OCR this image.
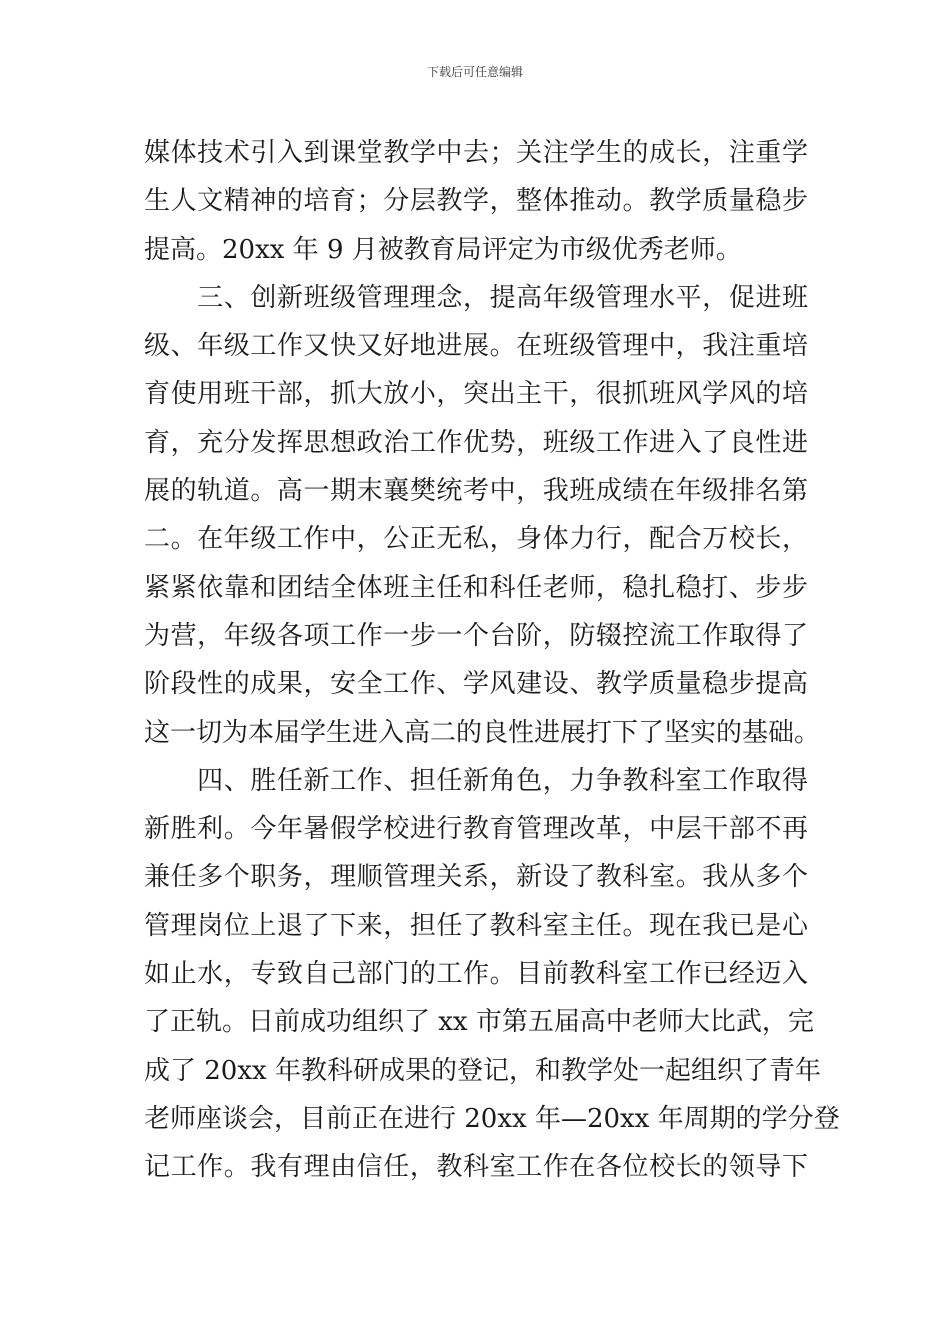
下载后可任意编辑
媒体技术引入到课堂教学中去；关注学生的成长，注重学
生人文精神的培育；分层教学，整体推动。教学质量稳步
提高。20xx 年 9 月被教育局评定为市级优秀老师。
　　三、创新班级管理理念，提高年级管理水平，促进班
级、年级工作又快又好地进展。在班级管理中，我注重培
育使用班干部，抓大放小，突出主干，很抓班风学风的培
育，充分发挥思想政治工作优势，班级工作进入了良性进
展的轨道。高一期末襄樊统考中，我班成绩在年级排名第
二。在年级工作中，公正无私，身体力行，配合万校长，
紧紧依靠和团结全体班主任和科任老师，稳扎稳打、步步
为营，年级各项工作一步一个台阶，防辍控流工作取得了
阶段性的成果，安全工作、学风建设、教学质量稳步提高
这一切为本届学生进入高二的良性进展打下了坚实的基础。
　　四、胜任新工作、担任新角色，力争教科室工作取得
新胜利。今年暑假学校进行教育管理改革，中层干部不再
兼任多个职务，理顺管理关系，新设了教科室。我从多个
管理岗位上退了下来，担任了教科室主任。现在我已是心
如止水，专致自己部门的工作。目前教科室工作已经迈入
了正轨。日前成功组织了 xx 市第五届高中老师大比武，完
成了 20xx 年教科研成果的登记，和教学处一起组织了青年
老师座谈会，目前正在进行 20xx 年—20xx 年周期的学分登
记工作。我有理由信任，教科室工作在各位校长的领导下
